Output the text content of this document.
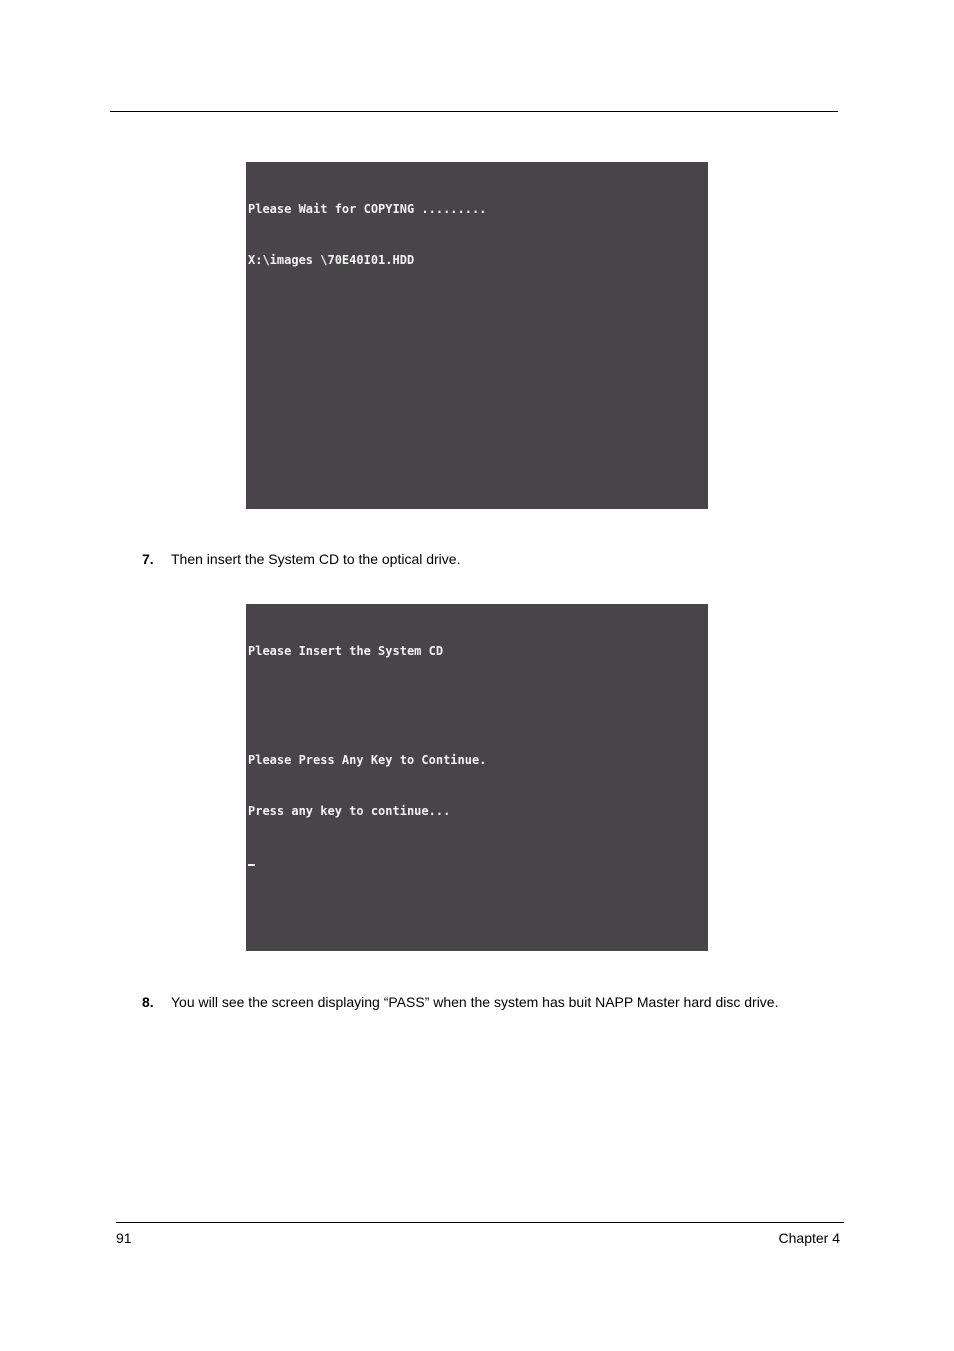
Please Wait for COPYING .........

X:\images \70E40I01.HDD

7. Then insert the System CD to the optical drive.

Please Insert the System CD

Please Press Any Key to Continue.

Press any key to continue...

8. You will see the screen displaying “PASS” when the system has buit NAPP Master hard disc drive.
91	Chapter 4
